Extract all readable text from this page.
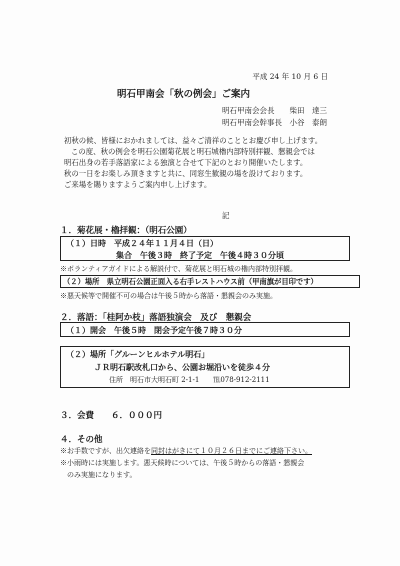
平成 24 年 10 月 6 日
明石甲南会「秋の例会」ご案内
明石甲南会会長　　柴田　達三
明石甲南会幹事長　小谷　泰朗
初秋の候、皆様におかれましては、益々ご清祥のこととお慶び申し上げます。
この度、秋の例会を明石公園菊花展と明石城櫓内部特別拝観、懇親会では
明石出身の若手落語家による独演と合せて下記のとおり開催いたします。
秋の一日をお楽しみ頂きますと共に、同窓生歓親の場を設けております。
ご来場を賜りますようご案内申し上げます。
記
１．菊花展・櫓拝観：（明石公園）
（１）日時　平成２４年１１月４日（日）
集合　午後３時　終了予定　午後４時３０分頃
※ボランティアガイドによる解説付で、菊花展と明石城の櫓内部特別拝観。
（２）場所　県立明石公園正面入る右手レストハウス前（甲南旗が目印です）
※悪天候等で開催不可の場合は午後５時から落語・懇親会のみ実施。
２．落語：「桂阿か枝」落語独演会　及び　懇親会
（１）開会　午後５時　閉会予定午後７時３０分
（２）場所「グルーンヒルホテル明石」
ＪＲ明石駅改札口から、公園お堀沿いを徒歩４分
住所　明石市大明石町 2-1-1　　℡078-912-2111
３．会費　　６．０００円
４．その他
※お手数ですが、出欠連絡を同封はがきにて１０月２６日までにご連絡下さい。
※小雨時には実施します。悪天候時については、午後５時からの落語・懇親会
のみ実施になります。
